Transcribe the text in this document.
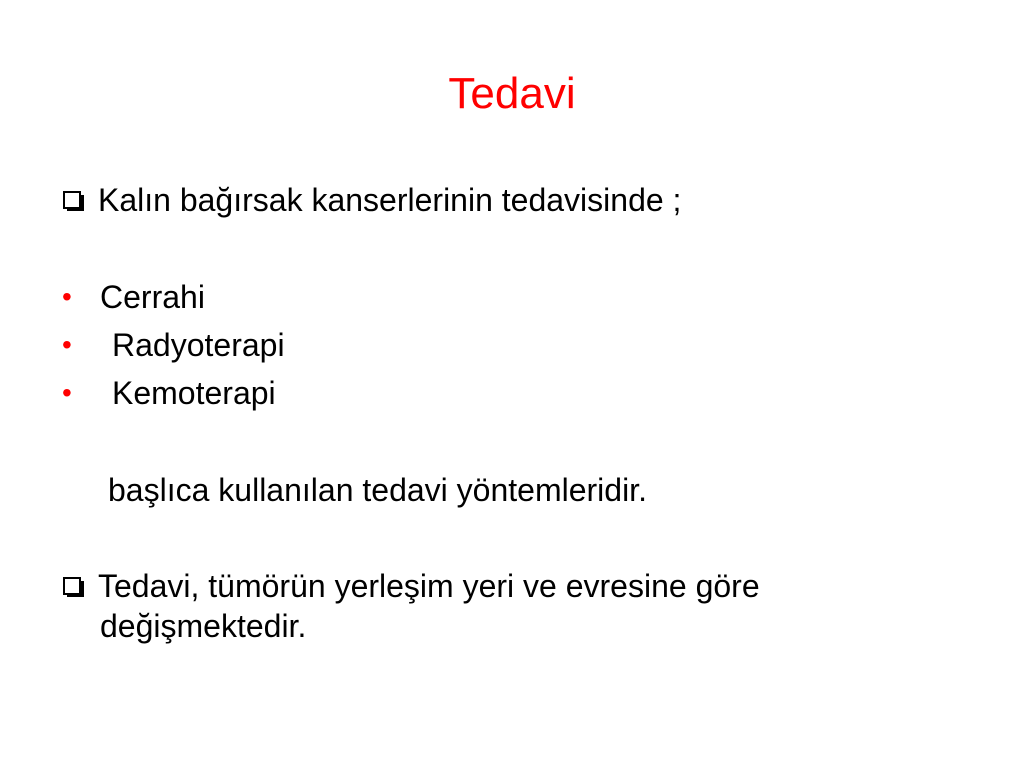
Tedavi
Kalın bağırsak kanserlerinin tedavisinde ;
• Cerrahi
• Radyoterapi
• Kemoterapi
başlıca kullanılan tedavi yöntemleridir.
Tedavi, tümörün yerleşim yeri ve evresine göre
değişmektedir.
